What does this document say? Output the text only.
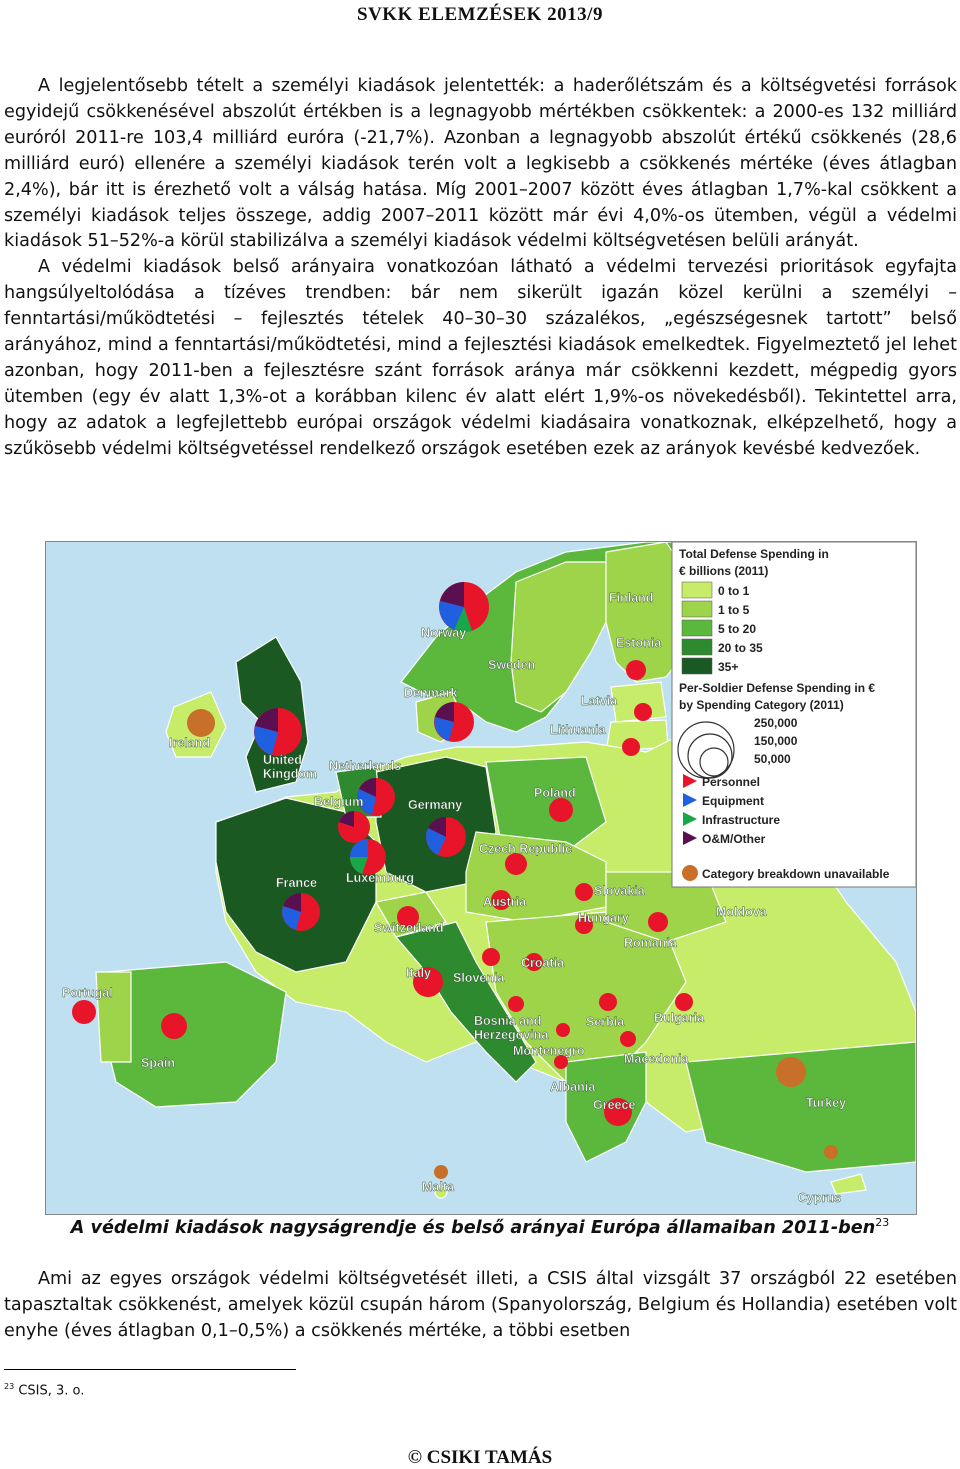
SVKK ELEMZÉSEK 2013/9

A legjelentősebb tételt a személyi kiadások jelentették: a haderőlétszám és a költségvetési források egyidejű csökkenésével abszolút értékben is a legnagyobb mértékben csökkentek: a 2000-es 132 milliárd euróról 2011-re 103,4 milliárd euróra (-21,7%). Azonban a legnagyobb abszolút értékű csökkenés (28,6 milliárd euró) ellenére a személyi kiadások terén volt a legkisebb a csökkenés mértéke (éves átlagban 2,4%), bár itt is érezhető volt a válság hatása. Míg 2001–2007 között éves átlagban 1,7%-kal csökkent a személyi kiadások teljes összege, addig 2007–2011 között már évi 4,0%-os ütemben, végül a védelmi kiadások 51–52%-a körül stabilizálva a személyi kiadások védelmi költségvetésen belüli arányát.

A védelmi kiadások belső arányaira vonatkozóan látható a védelmi tervezési prioritások egyfajta hangsúlyeltolódása a tízéves trendben: bár nem sikerült igazán közel kerülni a személyi – fenntartási/működtetési – fejlesztés tételek 40–30–30 százalékos, „egészségesnek tartott” belső arányához, mind a fenntartási/működtetési, mind a fejlesztési kiadások emelkedtek. Figyelmeztető jel lehet azonban, hogy 2011-ben a fejlesztésre szánt források aránya már csökkenni kezdett, mégpedig gyors ütemben (egy év alatt 1,3%-ot a korábban kilenc év alatt elért 1,9%-os növekedésből). Tekintettel arra, hogy az adatok a legfejlettebb európai országok védelmi kiadásaira vonatkoznak, elképzelhető, hogy a szűkösebb védelmi költségvetéssel rendelkező országok esetében ezek az arányok kevésbé kedvezőek.

Finland
Norway
Estonia
Sweden
Denmark
Latvia
Lithuania
Ireland
United
Kingdom
Netherlands
Belgium	Germany
Poland
Czech Republic
France Luxemburg
Slovakia
Austria
Hungary	Moldova
Switzerland
Romania
Croatia
Italy Slovenia
Portugal
Bosnia and
Herzegovina
Serbia Bulgaria
Montenegro
Spain	Macedonia
Albania
Greece	Turkey
Malta
Cyprus
Total Defense Spending in
€ billions (2011)
0 to 1
1 to 5
5 to 20
20 to 35
35+
Per-Soldier Defense Spending in €
by Spending Category (2011)
250,000
150,000
50,000
Personnel
Equipment
Infrastructure
O&M/Other
Category breakdown unavailable
A védelmi kiadások nagyságrendje és belső arányai Európa államaiban 2011-ben$^{23}$

Ami az egyes országok védelmi költségvetését illeti, a CSIS által vizsgált 37 országból 22 esetében tapasztaltak csökkenést, amelyek közül csupán három (Spanyolország, Belgium és Hollandia) esetében volt enyhe (éves átlagban 0,1–0,5%) a csökkenés mértéke, a többi esetben

$^{23}$ CSIS, 3. o.
© CSIKI TAMÁS
